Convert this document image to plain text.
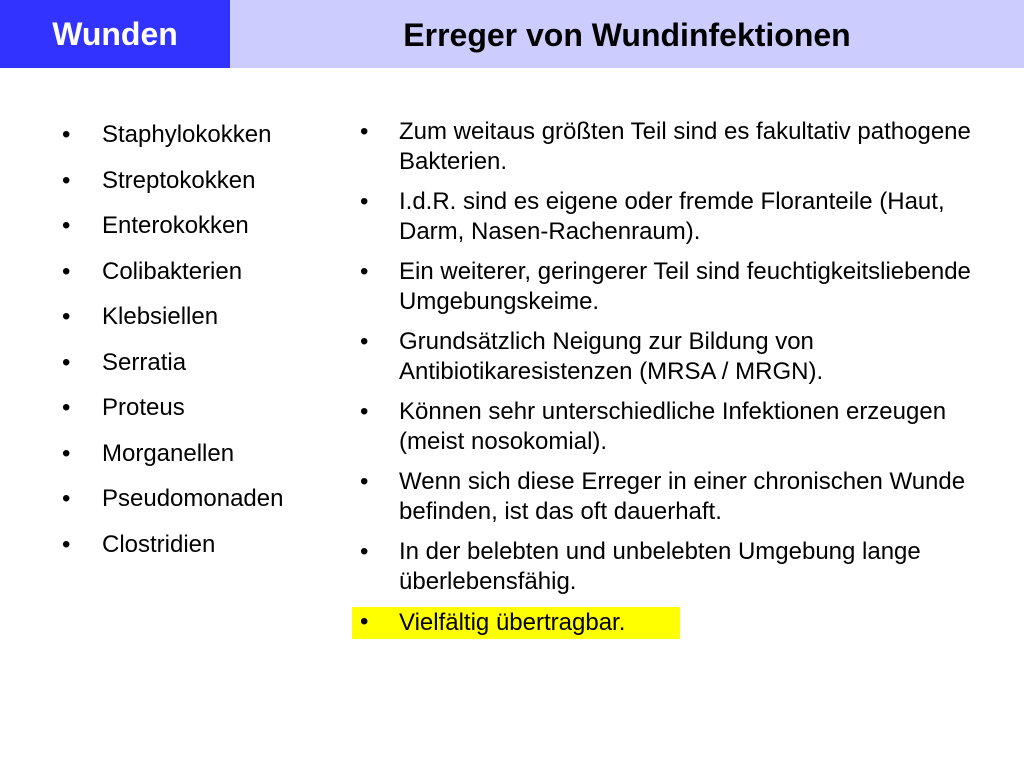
Wunden	Erreger von Wundinfektionen
• Staphylokokken
• Streptokokken
• Enterokokken
• Colibakterien
• Klebsiellen
• Serratia
• Proteus
• Morganellen
• Pseudomonaden
• Clostridien
• Zum weitaus größten Teil sind es fakultativ pathogene Bakterien.
• I.d.R. sind es eigene oder fremde Floranteile (Haut, Darm, Nasen-Rachenraum).
• Ein weiterer, geringerer Teil sind feuchtigkeitsliebende Umgebungskeime.
• Grundsätzlich Neigung zur Bildung von Antibiotikaresistenzen (MRSA / MRGN).
• Können sehr unterschiedliche Infektionen erzeugen (meist nosokomial).
• Wenn sich diese Erreger in einer chronischen Wunde befinden, ist das oft dauerhaft.
• In der belebten und unbelebten Umgebung lange überlebensfähig.
• Vielfältig übertragbar.
